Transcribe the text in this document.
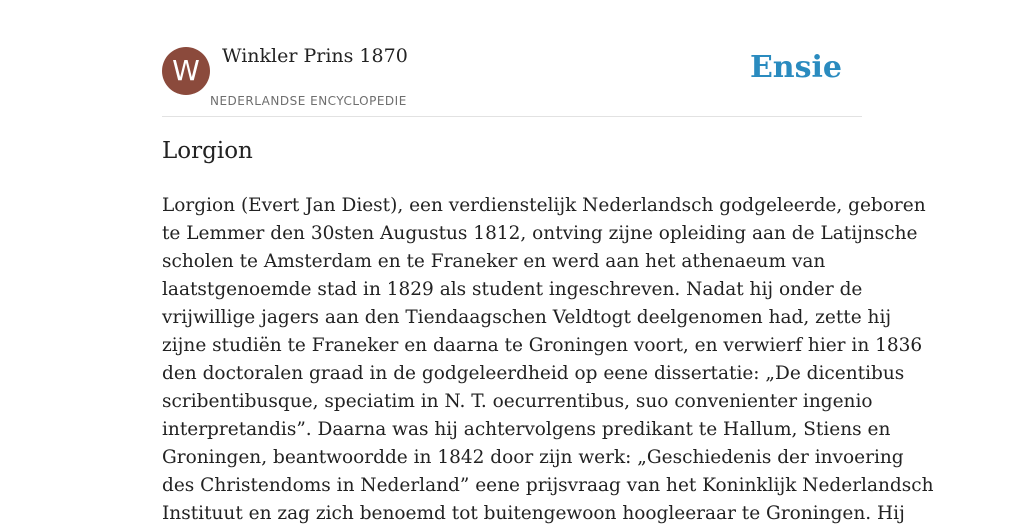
W	Winkler Prins 1870
NEDERLANDSE ENCYCLOPEDIE
Ensie
Lorgion

Lorgion (Evert Jan Diest), een verdienstelijk Nederlandsch godgeleerde, geboren
te Lemmer den 30sten Augustus 1812, ontving zijne opleiding aan de Latijnsche
scholen te Amsterdam en te Franeker en werd aan het athenaeum van
laatstgenoemde stad in 1829 als student ingeschreven. Nadat hij onder de
vrijwillige jagers aan den Tiendaagschen Veldtogt deelgenomen had, zette hij
zijne studiën te Franeker en daarna te Groningen voort, en verwierf hier in 1836
den doctoralen graad in de godgeleerdheid op eene dissertatie: „De dicentibus
scribentibusque, speciatim in N. T. oecurrentibus, suo convenienter ingenio
interpretandis”. Daarna was hij achtervolgens predikant te Hallum, Stiens en
Groningen, beantwoordde in 1842 door zijn werk: „Geschiedenis der invoering
des Christendoms in Nederland” eene prijsvraag van het Koninklijk Nederlandsch
Instituut en zag zich benoemd tot buitengewoon hoogleeraar te Groningen. Hij
